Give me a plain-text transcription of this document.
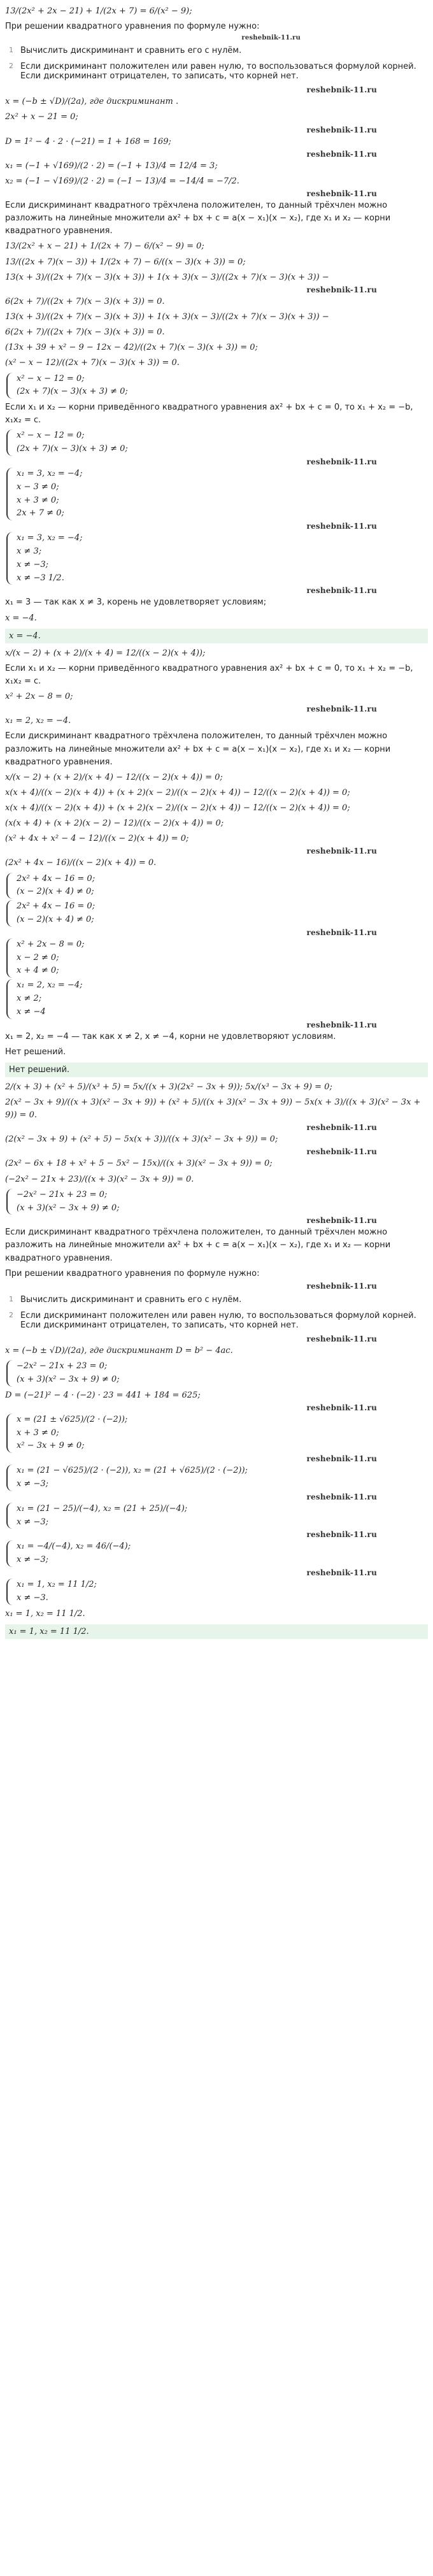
13/(2x² + 2x − 21) + 1/(2x + 7) = 6/(x² − 9);
При решении квадратного уравнения по формуле нужно:
reshebnik-11.ru
1 Вычислить дискриминант и сравнить его с нулём.
2 Если дискриминант положителен или равен нулю, то воспользоваться формулой корней. Если дискриминант отрицателен, то записать, что корней нет.
reshebnik-11.ru
x = (−b ± √D)/(2a), где дискриминант .
2x² + x − 21 = 0;
reshebnik-11.ru
D = 1² − 4 · 2 · (−21) = 1 + 168 = 169;
reshebnik-11.ru
x₁ = (−1 + √169)/(2 · 2) = (−1 + 13)/4 = 12/4 = 3;
x₂ = (−1 − √169)/(2 · 2) = (−1 − 13)/4 = −14/4 = −7/2.
reshebnik-11.ru
Если дискриминант квадратного трёхчлена положителен, то данный трёхчлен можно разложить на линейные множители ax² + bx + c = a(x − x₁)(x − x₂), где x₁ и x₂ — корни квадратного уравнения.
13/(2x² + x − 21) + 1/(2x + 7) − 6/(x² − 9) = 0;
13/((2x + 7)(x − 3)) + 1/(2x + 7) − 6/((x − 3)(x + 3)) = 0;
13(x + 3)/((2x + 7)(x − 3)(x + 3)) + 1(x + 3)(x − 3)/((2x + 7)(x − 3)(x + 3)) −
reshebnik-11.ru
6(2x + 7)/((2x + 7)(x − 3)(x + 3)) = 0.
13(x + 3)/((2x + 7)(x − 3)(x + 3)) + 1(x + 3)(x − 3)/((2x + 7)(x − 3)(x + 3)) −
6(2x + 7)/((2x + 7)(x − 3)(x + 3)) = 0.
(13x + 39 + x² − 9 − 12x − 42)/((2x + 7)(x − 3)(x + 3)) = 0;
(x² − x − 12)/((2x + 7)(x − 3)(x + 3)) = 0.
x² − x − 12 = 0;
(2x + 7)(x − 3)(x + 3) ≠ 0;
Если x₁ и x₂ — корни приведённого квадратного уравнения ax² + bx + c = 0, то x₁ + x₂ = −b, x₁x₂ = c.
x² − x − 12 = 0;
(2x + 7)(x − 3)(x + 3) ≠ 0;
reshebnik-11.ru
x₁ = 3, x₂ = −4;
x − 3 ≠ 0;
x + 3 ≠ 0;
2x + 7 ≠ 0;
reshebnik-11.ru
x₁ = 3, x₂ = −4;
x ≠ 3;
x ≠ −3;
x ≠ −3 1/2.
reshebnik-11.ru
x₁ = 3 — так как x ≠ 3, корень не удовлетворяет условиям;
x = −4.
x = −4.
x/(x − 2) + (x + 2)/(x + 4) = 12/((x − 2)(x + 4));
Если x₁ и x₂ — корни приведённого квадратного уравнения ax² + bx + c = 0, то x₁ + x₂ = −b, x₁x₂ = c.
x² + 2x − 8 = 0;
reshebnik-11.ru
x₁ = 2, x₂ = −4.
Если дискриминант квадратного трёхчлена положителен, то данный трёхчлен можно разложить на линейные множители ax² + bx + c = a(x − x₁)(x − x₂), где x₁ и x₂ — корни квадратного уравнения.
x/(x − 2) + (x + 2)/(x + 4) − 12/((x − 2)(x + 4)) = 0;
x(x + 4)/((x − 2)(x + 4)) + (x + 2)(x − 2)/((x − 2)(x + 4)) − 12/((x − 2)(x + 4)) = 0;
x(x + 4)/((x − 2)(x + 4)) + (x + 2)(x − 2)/((x − 2)(x + 4)) − 12/((x − 2)(x + 4)) = 0;
(x(x + 4) + (x + 2)(x − 2) − 12)/((x − 2)(x + 4)) = 0;
(x² + 4x + x² − 4 − 12)/((x − 2)(x + 4)) = 0;
reshebnik-11.ru
(2x² + 4x − 16)/((x − 2)(x + 4)) = 0.
2x² + 4x − 16 = 0;
(x − 2)(x + 4) ≠ 0;
2x² + 4x − 16 = 0;
(x − 2)(x + 4) ≠ 0;
reshebnik-11.ru
x² + 2x − 8 = 0;
x − 2 ≠ 0;
x + 4 ≠ 0;
x₁ = 2, x₂ = −4;
x ≠ 2;
x ≠ −4
reshebnik-11.ru
x₁ = 2, x₂ = −4 — так как x ≠ 2, x ≠ −4, корни не удовлетворяют условиям.
Нет решений.
Нет решений.
2/(x + 3) + (x² + 5)/(x³ + 5) = 5x/((x + 3)(2x² − 3x + 9)); 5x/(x³ − 3x + 9) = 0;
2(x² − 3x + 9)/((x + 3)(x² − 3x + 9)) + (x² + 5)/((x + 3)(x² − 3x + 9)) − 5x(x + 3)/((x + 3)(x² − 3x + 9)) = 0.
reshebnik-11.ru
(2(x² − 3x + 9) + (x² + 5) − 5x(x + 3))/((x + 3)(x² − 3x + 9)) = 0;
reshebnik-11.ru
(2x² − 6x + 18 + x² + 5 − 5x² − 15x)/((x + 3)(x² − 3x + 9)) = 0;
(−2x² − 21x + 23)/((x + 3)(x² − 3x + 9)) = 0.
−2x² − 21x + 23 = 0;
(x + 3)(x² − 3x + 9) ≠ 0;
reshebnik-11.ru
Если дискриминант квадратного трёхчлена положителен, то данный трёхчлен можно разложить на линейные множители ax² + bx + c = a(x − x₁)(x − x₂), где x₁ и x₂ — корни квадратного уравнения.
При решении квадратного уравнения по формуле нужно:
reshebnik-11.ru
1 Вычислить дискриминант и сравнить его с нулём.
2 Если дискриминант положителен или равен нулю, то воспользоваться формулой корней. Если дискриминант отрицателен, то записать, что корней нет.
reshebnik-11.ru
x = (−b ± √D)/(2a), где дискриминант D = b² − 4ac.
−2x² − 21x + 23 = 0;
(x + 3)(x² − 3x + 9) ≠ 0;
D = (−21)² − 4 · (−2) · 23 = 441 + 184 = 625;
reshebnik-11.ru
x = (21 ± √625)/(2 · (−2));
x + 3 ≠ 0;
x² − 3x + 9 ≠ 0;
reshebnik-11.ru
x₁ = (21 − √625)/(2 · (−2)), x₂ = (21 + √625)/(2 · (−2));
x ≠ −3;
reshebnik-11.ru
x₁ = (21 − 25)/(−4), x₂ = (21 + 25)/(−4);
x ≠ −3;
reshebnik-11.ru
x₁ = −4/(−4), x₂ = 46/(−4);
x ≠ −3;
reshebnik-11.ru
x₁ = 1, x₂ = 11 1/2;
x ≠ −3.
x₁ = 1, x₂ = 11 1/2.
x₁ = 1, x₂ = 11 1/2.
